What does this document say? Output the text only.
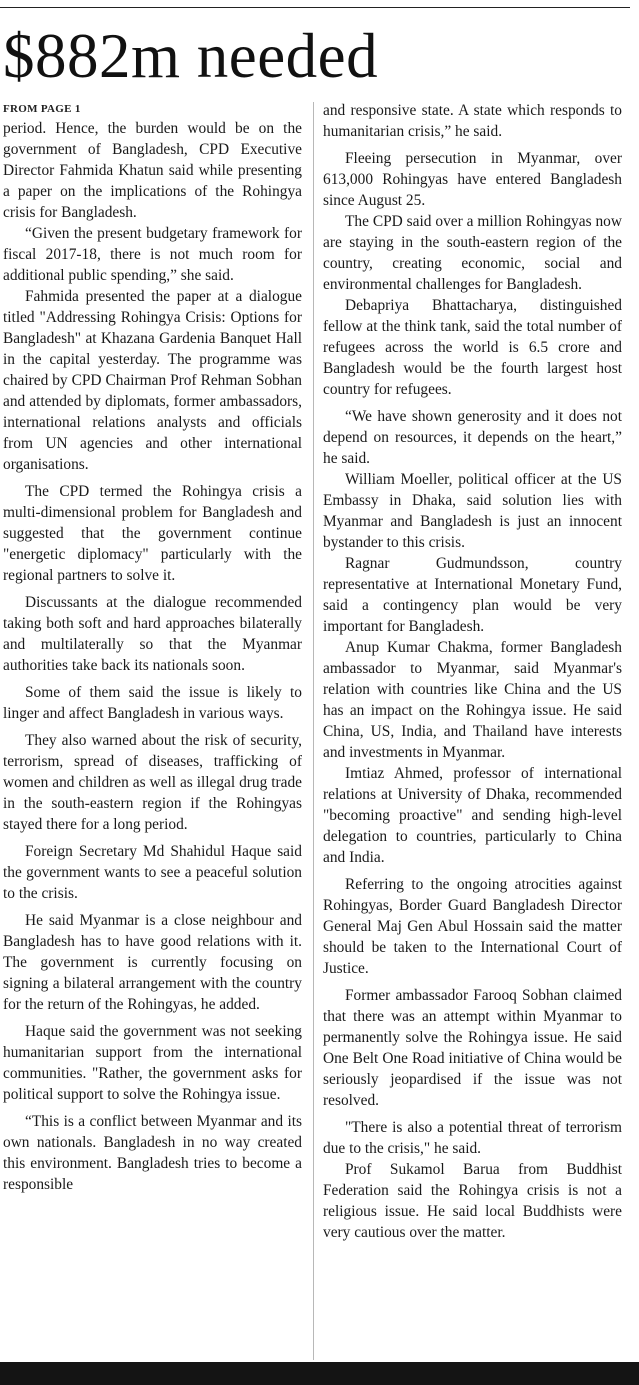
$882m needed
FROM PAGE 1

period. Hence, the burden would be on the government of Bangladesh, CPD Executive Director Fahmida Khatun said while presenting a paper on the implications of the Rohingya crisis for Bangladesh.

“Given the present budgetary framework for fiscal 2017-18, there is not much room for additional public spending,” she said.

Fahmida presented the paper at a dialogue titled "Addressing Rohingya Crisis: Options for Bangladesh" at Khazana Gardenia Banquet Hall in the capital yesterday. The programme was chaired by CPD Chairman Prof Rehman Sobhan and attended by diplomats, former ambassadors, international relations analysts and officials from UN agencies and other international organisations.

The CPD termed the Rohingya crisis a multi-dimensional problem for Bangladesh and suggested that the government continue "energetic diplomacy" particularly with the regional partners to solve it.

Discussants at the dialogue recommended taking both soft and hard approaches bilaterally and multilaterally so that the Myanmar authorities take back its nationals soon.

Some of them said the issue is likely to linger and affect Bangladesh in various ways.

They also warned about the risk of security, terrorism, spread of diseases, trafficking of women and children as well as illegal drug trade in the south-eastern region if the Rohingyas stayed there for a long period.

Foreign Secretary Md Shahidul Haque said the government wants to see a peaceful solution to the crisis.

He said Myanmar is a close neighbour and Bangladesh has to have good relations with it. The government is currently focusing on signing a bilateral arrangement with the country for the return of the Rohingyas, he added.

Haque said the government was not seeking humanitarian support from the international communities. "Rather, the government asks for political support to solve the Rohingya issue.

“This is a conflict between Myanmar and its own nationals. Bangladesh in no way created this environment. Bangladesh tries to become a responsible

and responsive state. A state which responds to humanitarian crisis,” he said.

Fleeing persecution in Myanmar, over 613,000 Rohingyas have entered Bangladesh since August 25.

The CPD said over a million Rohingyas now are staying in the south-eastern region of the country, creating economic, social and environmental challenges for Bangladesh.

Debapriya Bhattacharya, distinguished fellow at the think tank, said the total number of refugees across the world is 6.5 crore and Bangladesh would be the fourth largest host country for refugees.

“We have shown generosity and it does not depend on resources, it depends on the heart,” he said.

William Moeller, political officer at the US Embassy in Dhaka, said solution lies with Myanmar and Bangladesh is just an innocent bystander to this crisis.

Ragnar Gudmundsson, country representative at International Monetary Fund, said a contingency plan would be very important for Bangladesh.

Anup Kumar Chakma, former Bangladesh ambassador to Myanmar, said Myanmar's relation with countries like China and the US has an impact on the Rohingya issue. He said China, US, India, and Thailand have interests and investments in Myanmar.

Imtiaz Ahmed, professor of international relations at University of Dhaka, recommended "becoming proactive" and sending high-level delegation to countries, particularly to China and India.

Referring to the ongoing atrocities against Rohingyas, Border Guard Bangladesh Director General Maj Gen Abul Hossain said the matter should be taken to the International Court of Justice.

Former ambassador Farooq Sobhan claimed that there was an attempt within Myanmar to permanently solve the Rohingya issue. He said One Belt One Road initiative of China would be seriously jeopardised if the issue was not resolved.

"There is also a potential threat of terrorism due to the crisis," he said.

Prof Sukamol Barua from Buddhist Federation said the Rohingya crisis is not a religious issue. He said local Buddhists were very cautious over the matter.
